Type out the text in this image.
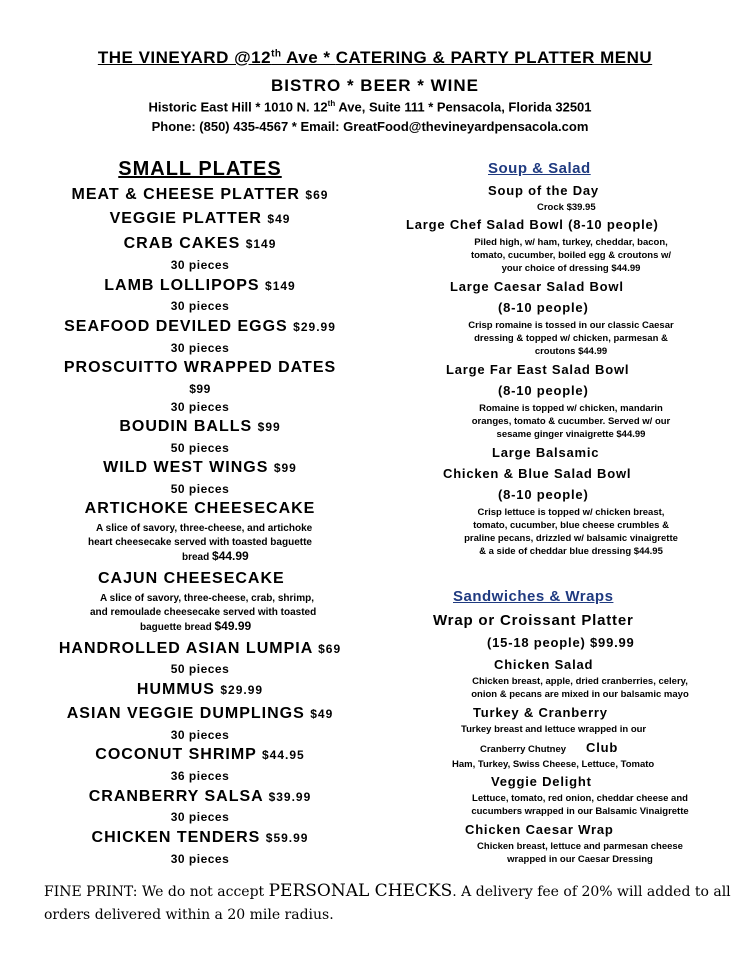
THE VINEYARD @12th Ave * CATERING & PARTY PLATTER MENU
BISTRO * BEER * WINE
Historic East Hill * 1010 N. 12th Ave, Suite 111 * Pensacola, Florida 32501
Phone: (850) 435-4567 * Email: GreatFood@thevineyardpensacola.com
SMALL PLATES
MEAT & CHEESE PLATTER $69
VEGGIE PLATTER $49
CRAB CAKES $149
30 pieces
LAMB LOLLIPOPS $149
30 pieces
SEAFOOD DEVILED EGGS $29.99
30 pieces
PROSCUITTO WRAPPED DATES
$99
30 pieces
BOUDIN BALLS $99
50 pieces
WILD WEST WINGS $99
50 pieces
ARTICHOKE CHEESECAKE
A slice of savory, three-cheese, and artichoke
heart cheesecake served with toasted baguette
bread $44.99
CAJUN CHEESECAKE
A slice of savory, three-cheese, crab, shrimp,
and remoulade cheesecake served with toasted
baguette bread $49.99
HANDROLLED ASIAN LUMPIA $69
50 pieces
HUMMUS $29.99
ASIAN VEGGIE DUMPLINGS $49
30 pieces
COCONUT SHRIMP $44.95
36 pieces
CRANBERRY SALSA $39.99
30 pieces
CHICKEN TENDERS $59.99
30 pieces
Soup & Salad
Soup of the Day
Crock $39.95
Large Chef Salad Bowl (8-10 people)
Piled high, w/ ham, turkey, cheddar, bacon,
tomato, cucumber, boiled egg & croutons w/
your choice of dressing $44.99
Large Caesar Salad Bowl
(8-10 people)
Crisp romaine is tossed in our classic Caesar
dressing & topped w/ chicken, parmesan &
croutons $44.99
Large Far East Salad Bowl
(8-10 people)
Romaine is topped w/ chicken, mandarin
oranges, tomato & cucumber. Served w/ our
sesame ginger vinaigrette $44.99
Large Balsamic
Chicken & Blue Salad Bowl
(8-10 people)
Crisp lettuce is topped w/ chicken breast,
tomato, cucumber, blue cheese crumbles &
praline pecans, drizzled w/ balsamic vinaigrette
& a side of cheddar blue dressing $44.95
Sandwiches & Wraps
Wrap or Croissant Platter
(15-18 people) $99.99
Chicken Salad
Chicken breast, apple, dried cranberries, celery,
onion & pecans are mixed in our balsamic mayo
Turkey & Cranberry
Turkey breast and lettuce wrapped in our
Cranberry Chutney Club
Ham, Turkey, Swiss Cheese, Lettuce, Tomato
Veggie Delight
Lettuce, tomato, red onion, cheddar cheese and
cucumbers wrapped in our Balsamic Vinaigrette
Chicken Caesar Wrap
Chicken breast, lettuce and parmesan cheese
wrapped in our Caesar Dressing
FINE PRINT: We do not accept PERSONAL CHECKS. A delivery fee of 20% will added to all
orders delivered within a 20 mile radius.
